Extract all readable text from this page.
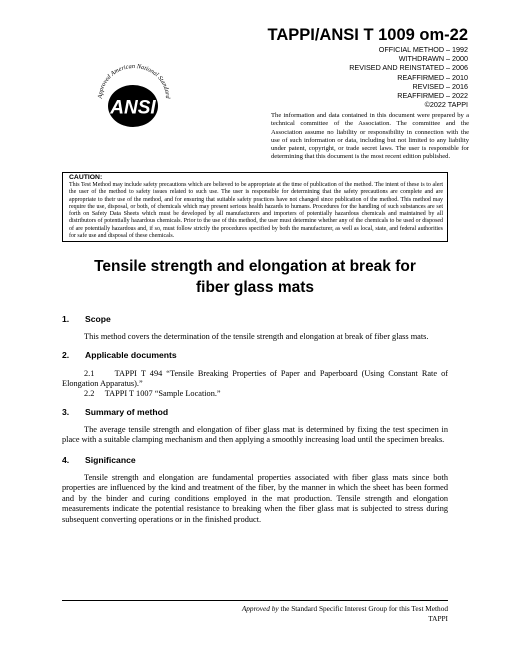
TAPPI/ANSI T 1009 om-22
OFFICIAL METHOD – 1992
WITHDRAWN – 2000
REVISED AND REINSTATED – 2006
REAFFIRMED – 2010
REVISED – 2016
REAFFIRMED – 2022
©2022 TAPPI
The information and data contained in this document were prepared by a technical committee of the Association. The committee and the Association assume no liability or responsibility in connection with the use of such information or data, including but not limited to any liability under patent, copyright, or trade secret laws. The user is responsible for determining that this document is the most recent edition published.
Approved American National Standard
ANSI
CAUTION:
This Test Method may include safety precautions which are believed to be appropriate at the time of publication of the method. The intent of these is to alert the user of the method to safety issues related to such use. The user is responsible for determining that the safety precautions are complete and are appropriate to their use of the method, and for ensuring that suitable safety practices have not changed since publication of the method. This method may require the use, disposal, or both, of chemicals which may present serious health hazards to humans. Procedures for the handling of such substances are set forth on Safety Data Sheets which must be developed by all manufacturers and importers of potentially hazardous chemicals and maintained by all distributors of potentially hazardous chemicals. Prior to the use of this method, the user must determine whether any of the chemicals to be used or disposed of are potentially hazardous and, if so, must follow strictly the procedures specified by both the manufacturer, as well as local, state, and federal authorities for safe use and disposal of these chemicals.
Tensile strength and elongation at break for fiber glass mats
1. Scope
This method covers the determination of the tensile strength and elongation at break of fiber glass mats.
2. Applicable documents
2.1 TAPPI T 494 “Tensile Breaking Properties of Paper and Paperboard (Using Constant Rate of Elongation Apparatus).”
2.2 TAPPI T 1007 “Sample Location.”
3. Summary of method
The average tensile strength and elongation of fiber glass mat is determined by fixing the test specimen in place with a suitable clamping mechanism and then applying a smoothly increasing load until the specimen breaks.
4. Significance
Tensile strength and elongation are fundamental properties associated with fiber glass mats since both properties are influenced by the kind and treatment of the fiber, by the manner in which the sheet has been formed and by the binder and curing conditions employed in the mat production. Tensile strength and elongation measurements indicate the potential resistance to breaking when the fiber glass mat is subjected to stress during subsequent converting operations or in the finished product.
Approved by the Standard Specific Interest Group for this Test Method
TAPPI
